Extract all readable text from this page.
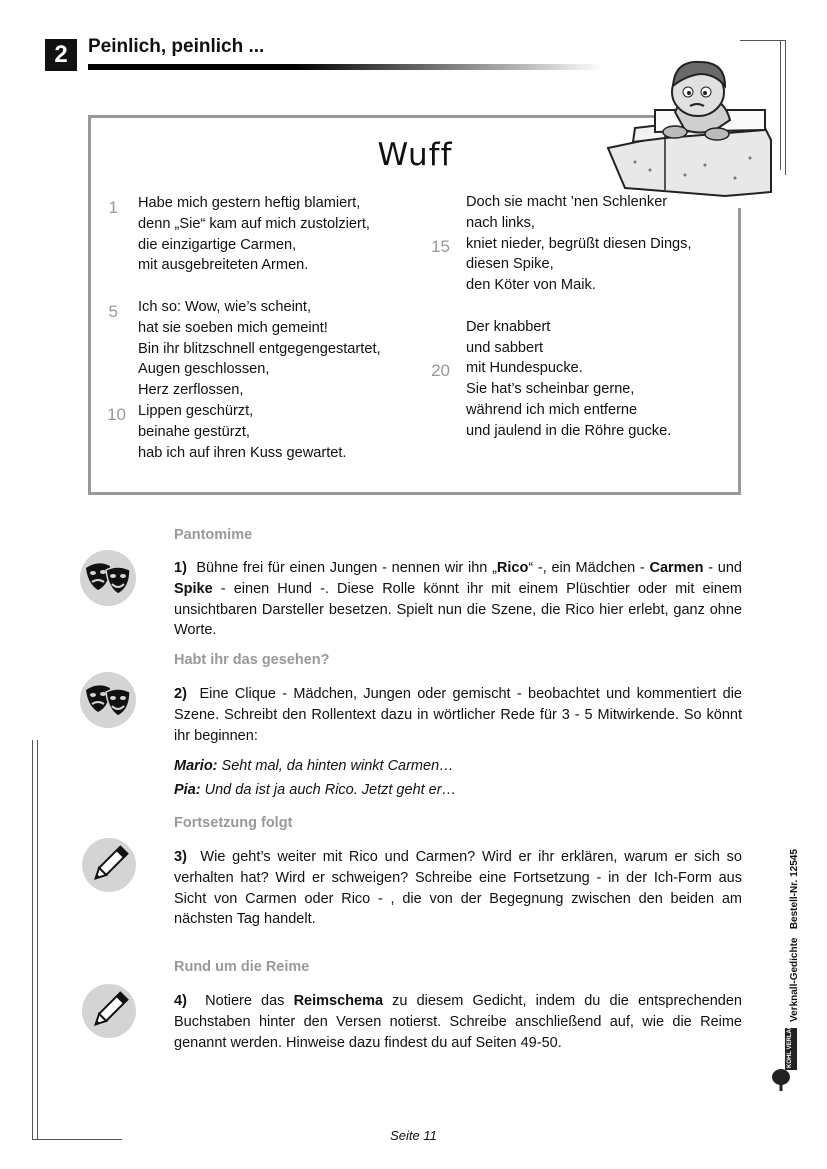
2	Peinlich, peinlich ...
Wuff
1
5
10
15
20
Habe mich gestern heftig blamiert,
denn „Sie“ kam auf mich zustolziert,
die einzigartige Carmen,
mit ausgebreiteten Armen.
Ich so: Wow, wie’s scheint,
hat sie soeben mich gemeint!
Bin ihr blitzschnell entgegengestartet,
Augen geschlossen,
Herz zerflossen,
Lippen geschürzt,
beinahe gestürzt,
hab ich auf ihren Kuss gewartet.
Doch sie macht ’nen Schlenker
nach links,
kniet nieder, begrüßt diesen Dings,
diesen Spike,
den Köter von Maik.
Der knabbert
und sabbert
mit Hundespucke.
Sie hat’s scheinbar gerne,
während ich mich entferne
und jaulend in die Röhre gucke.
Pantomime
1) Bühne frei für einen Jungen - nennen wir ihn „Rico“ -, ein Mädchen - Carmen - und Spike - einen Hund -. Diese Rolle könnt ihr mit einem Plüschtier oder mit einem unsichtbaren Darsteller besetzen. Spielt nun die Szene, die Rico hier erlebt, ganz ohne Worte.
Habt ihr das gesehen?
2) Eine Clique - Mädchen, Jungen oder gemischt - beobachtet und kommentiert die Szene. Schreibt den Rollentext dazu in wörtlicher Rede für 3 - 5 Mitwirkende. So könnt ihr beginnen:
Mario: Seht mal, da hinten winkt Carmen…
Pia: Und da ist ja auch Rico. Jetzt geht er…
Fortsetzung folgt
3) Wie geht’s weiter mit Rico und Carmen? Wird er ihr erklären, warum er sich so verhalten hat? Wird er schweigen? Schreibe eine Fortsetzung - in der Ich-Form aus Sicht von Carmen oder Rico - , die von der Begegnung zwischen den beiden am nächsten Tag handelt.
Rund um die Reime
4) Notiere das Reimschema zu diesem Gedicht, indem du die entsprechenden Buchstaben hinter den Versen notierst. Schreibe anschließend auf, wie die Reime genannt werden. Hinweise dazu findest du auf Seiten 49-50.
Verknall-Gedichte   Bestell-Nr. 12545
KOHL VERLAG
Seite 11
